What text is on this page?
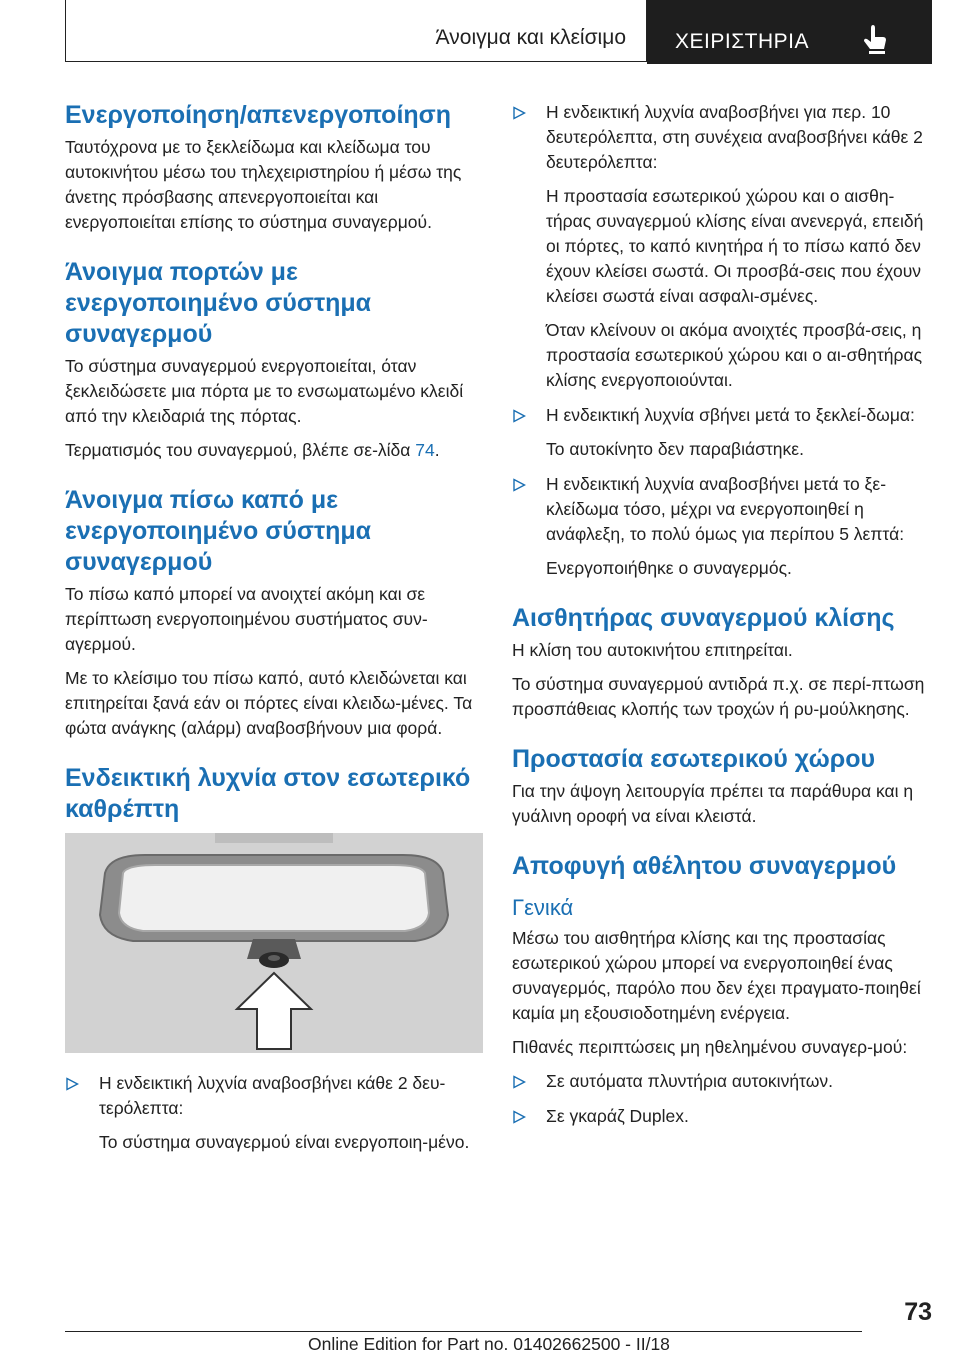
Άνοιγμα και κλείσιμο ΧΕΙΡΙΣΤΗΡΙΑ
Ενεργοποίηση/απενεργοποίηση

Ταυτόχρονα με το ξεκλείδωμα και κλείδωμα του αυτοκινήτου μέσω του τηλεχειριστηρίου ή μέσω της άνετης πρόσβασης απενεργοποιείται και ενεργοποιείται επίσης το σύστημα συναγερμού.

Άνοιγμα πορτών με ενεργοποιημένο σύστημα συναγερμού

Το σύστημα συναγερμού ενεργοποιείται, όταν ξεκλειδώσετε μια πόρτα με το ενσωματωμένο κλειδί από την κλειδαριά της πόρτας.

Τερματισμός του συναγερμού, βλέπε σε-λίδα 74.

Άνοιγμα πίσω καπό με ενεργοποιημένο σύστημα συναγερμού

Το πίσω καπό μπορεί να ανοιχτεί ακόμη και σε περίπτωση ενεργοποιημένου συστήματος συν-αγερμού.

Με το κλείσιμο του πίσω καπό, αυτό κλειδώνεται και επιτηρείται ξανά εάν οι πόρτες είναι κλειδω-μένες. Τα φώτα ανάγκης (αλάρμ) αναβοσβήνουν μια φορά.

Ενδεικτική λυχνία στον εσωτερικό καθρέπτη

Η ενδεικτική λυχνία αναβοσβήνει κάθε 2 δευ-τερόλεπτα:

Το σύστημα συναγερμού είναι ενεργοποιη-μένο.

Η ενδεικτική λυχνία αναβοσβήνει για περ. 10 δευτερόλεπτα, στη συνέχεια αναβοσβήνει κάθε 2 δευτερόλεπτα:

Η προστασία εσωτερικού χώρου και ο αισθη-τήρας συναγερμού κλίσης είναι ανενεργά, επειδή οι πόρτες, το καπό κινητήρα ή το πίσω καπό δεν έχουν κλείσει σωστά. Οι προσβά-σεις που έχουν κλείσει σωστά είναι ασφαλι-σμένες.

Όταν κλείνουν οι ακόμα ανοιχτές προσβά-σεις, η προστασία εσωτερικού χώρου και ο αι-σθητήρας κλίσης ενεργοποιούνται.

Η ενδεικτική λυχνία σβήνει μετά το ξεκλεί-δωμα:

Το αυτοκίνητο δεν παραβιάστηκε.

Η ενδεικτική λυχνία αναβοσβήνει μετά το ξε-κλείδωμα τόσο, μέχρι να ενεργοποιηθεί η ανάφλεξη, το πολύ όμως για περίπου 5 λεπτά:

Ενεργοποιήθηκε ο συναγερμός.

Αισθητήρας συναγερμού κλίσης

Η κλίση του αυτοκινήτου επιτηρείται.

Το σύστημα συναγερμού αντιδρά π.χ. σε περί-πτωση προσπάθειας κλοπής των τροχών ή ρυ-μούλκησης.

Προστασία εσωτερικού χώρου

Για την άψογη λειτουργία πρέπει τα παράθυρα και η γυάλινη οροφή να είναι κλειστά.

Αποφυγή αθέλητου συναγερμού
Γενικά

Μέσω του αισθητήρα κλίσης και της προστασίας εσωτερικού χώρου μπορεί να ενεργοποιηθεί ένας συναγερμός, παρόλο που δεν έχει πραγματο-ποιηθεί καμία μη εξουσιοδοτημένη ενέργεια.

Πιθανές περιπτώσεις μη ηθελημένου συναγερ-μού:

Σε αυτόματα πλυντήρια αυτοκινήτων.

Σε γκαράζ Duplex.

73
Online Edition for Part no. 01402662500 - II/18
